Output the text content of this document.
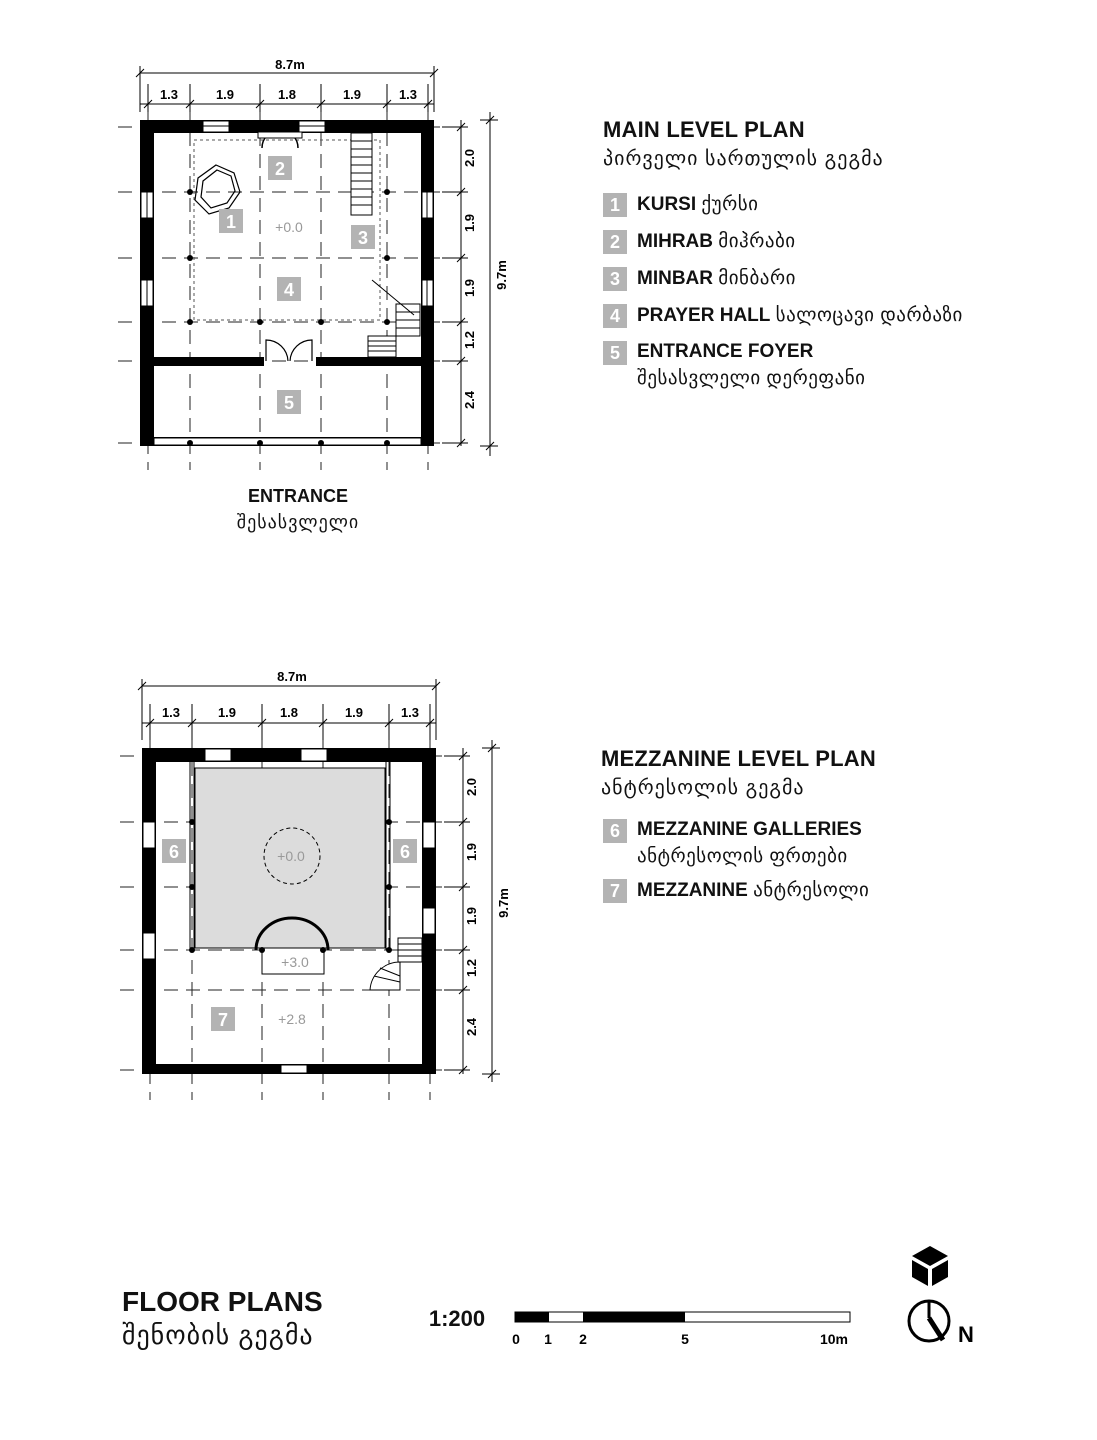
8.7m
1.3	1.9	1.8	1.9	1.3
2.0
1.9
1.9
1.2
2.4
9.7m
+0.0
1
2
3
4
5
ENTRANCE
შესასვლელი
8.7m
1.3	1.9	1.8	1.9	1.3
2.0
1.9
1.9
1.2
2.4
9.7m
+0.0
+3.0
+2.8
6	6
7
0 1 2	5	10m
1:200
N
MAIN LEVEL PLAN
პირველი სართულის გეგმა
1 KURSI ქურსი
2 MIHRAB მიჰრაბი
3 MINBAR მინბარი
4 PRAYER HALL სალოცავი დარბაზი
5 ENTRANCE FOYER
შესასვლელი დერეფანი
MEZZANINE LEVEL PLAN
ანტრესოლის გეგმა
6 MEZZANINE GALLERIES
ანტრესოლის ფრთები
7 MEZZANINE ანტრესოლი
FLOOR PLANS
შენობის გეგმა
